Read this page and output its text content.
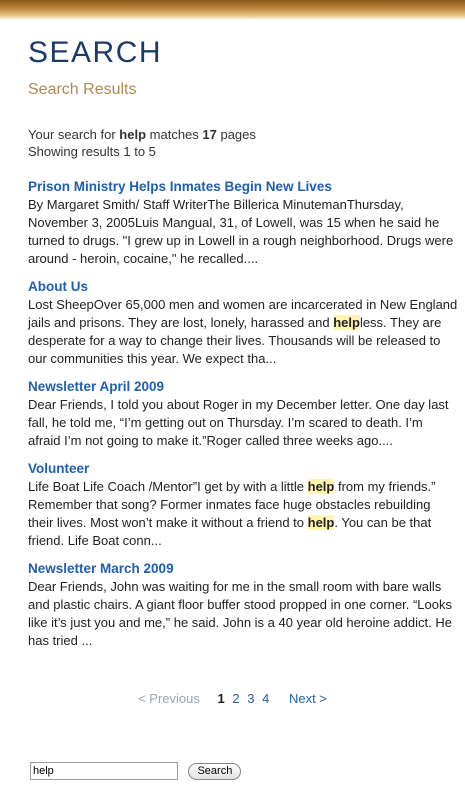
SEARCH
Search Results
Your search for help matches 17 pages
Showing results 1 to 5
Prison Ministry Helps Inmates Begin New Lives

By Margaret Smith/ Staff WriterThe Billerica MinutemanThursday, November 3, 2005Luis Mangual, 31, of Lowell, was 15 when he said he turned to drugs. "I grew up in Lowell in a rough neighborhood. Drugs were around - heroin, cocaine," he recalled....

About Us

Lost SheepOver 65,000 men and women are incarcerated in New England jails and prisons. They are lost, lonely, harassed and helpless. They are desperate for a way to change their lives. Thousands will be released to our communities this year. We expect tha...

Newsletter April 2009

Dear Friends, I told you about Roger in my December letter. One day last fall, he told me, “I’m getting out on Thursday. I’m scared to death. I’m afraid I’m not going to make it.”Roger called three weeks ago....

Volunteer

Life Boat Life Coach /Mentor”I get by with a little help from my friends.” Remember that song? Former inmates face huge obstacles rebuilding their lives. Most won’t make it without a friend to help. You can be that friend. Life Boat conn...

Newsletter March 2009

Dear Friends, John was waiting for me in the small room with bare walls and plastic chairs. A giant floor buffer stood propped in one corner. “Looks like it’s just you and me,” he said. John is a 40 year old heroine addict. He has tried ...

< Previous 1 2 3 4 Next >
help Search
